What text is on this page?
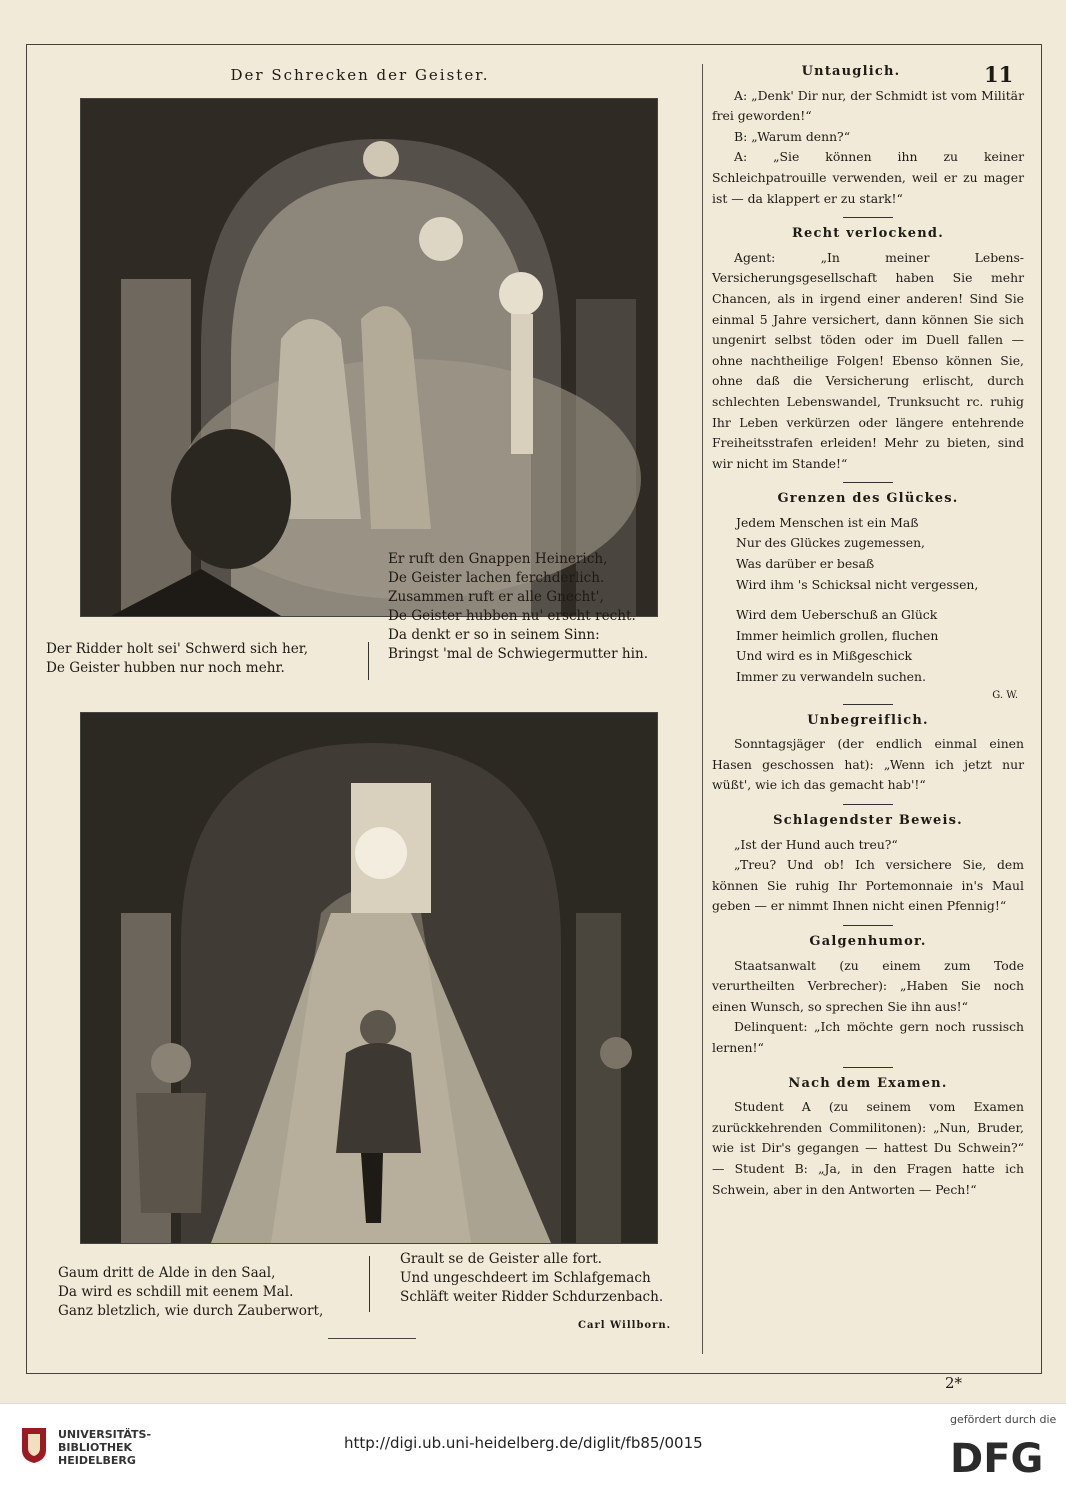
Der Schrecken der Geister.	11
Er ruft den Gnappen Heinerich,
De Geister lachen ferchderlich.
Zusammen ruft er alle Gnecht',
De Geister hubben nu' erscht recht.
Da denkt er so in seinem Sinn:
Bringst 'mal de Schwiegermutter hin.
Der Ridder holt sei' Schwerd sich her,
De Geister hubben nur noch mehr.
Gaum dritt de Alde in den Saal,
Da wird es schdill mit eenem Mal.
Ganz bletzlich, wie durch Zauberwort,
Grault se de Geister alle fort.
Und ungeschdeert im Schlafgemach
Schläft weiter Ridder Schdurzenbach.
Carl Willborn.
Untauglich.

A: „Denk' Dir nur, der Schmidt ist vom Militär frei geworden!“

B: „Warum denn?“

A: „Sie können ihn zu keiner Schleichpatrouille verwenden, weil er zu mager ist — da klappert er zu stark!“

Recht verlockend.

Agent: „In meiner Lebens-Versicherungsgesellschaft haben Sie mehr Chancen, als in irgend einer anderen! Sind Sie einmal 5 Jahre versichert, dann können Sie sich ungenirt selbst töden oder im Duell fallen — ohne nachtheilige Folgen! Ebenso können Sie, ohne daß die Versicherung erlischt, durch schlechten Lebenswandel, Trunksucht rc. ruhig Ihr Leben verkürzen oder längere entehrende Freiheitsstrafen erleiden! Mehr zu bieten, sind wir nicht im Stande!“

Grenzen des Glückes.
Jedem Menschen ist ein Maß
Nur des Glückes zugemessen,
Was darüber er besaß
Wird ihm 's Schicksal nicht vergessen,
Wird dem Ueberschuß an Glück
Immer heimlich grollen, fluchen
Und wird es in Mißgeschick
Immer zu verwandeln suchen.
G. W.
Unbegreiflich.

Sonntagsjäger (der endlich einmal einen Hasen geschossen hat): „Wenn ich jetzt nur wüßt', wie ich das gemacht hab'!“

Schlagendster Beweis.

„Ist der Hund auch treu?“

„Treu? Und ob! Ich versichere Sie, dem können Sie ruhig Ihr Portemonnaie in's Maul geben — er nimmt Ihnen nicht einen Pfennig!“

Galgenhumor.

Staatsanwalt (zu einem zum Tode verurtheilten Verbrecher): „Haben Sie noch einen Wunsch, so sprechen Sie ihn aus!“

Delinquent: „Ich möchte gern noch russisch lernen!“

Nach dem Examen.

Student A (zu seinem vom Examen zurückkehrenden Commilitonen): „Nun, Bruder, wie ist Dir's gegangen — hattest Du Schwein?“ — Student B: „Ja, in den Fragen hatte ich Schwein, aber in den Antworten — Pech!“

2*
UNIVERSITÄTS-
BIBLIOTHEK
HEIDELBERG
http://digi.ub.uni-heidelberg.de/diglit/fb85/0015
gefördert durch die
DFG
